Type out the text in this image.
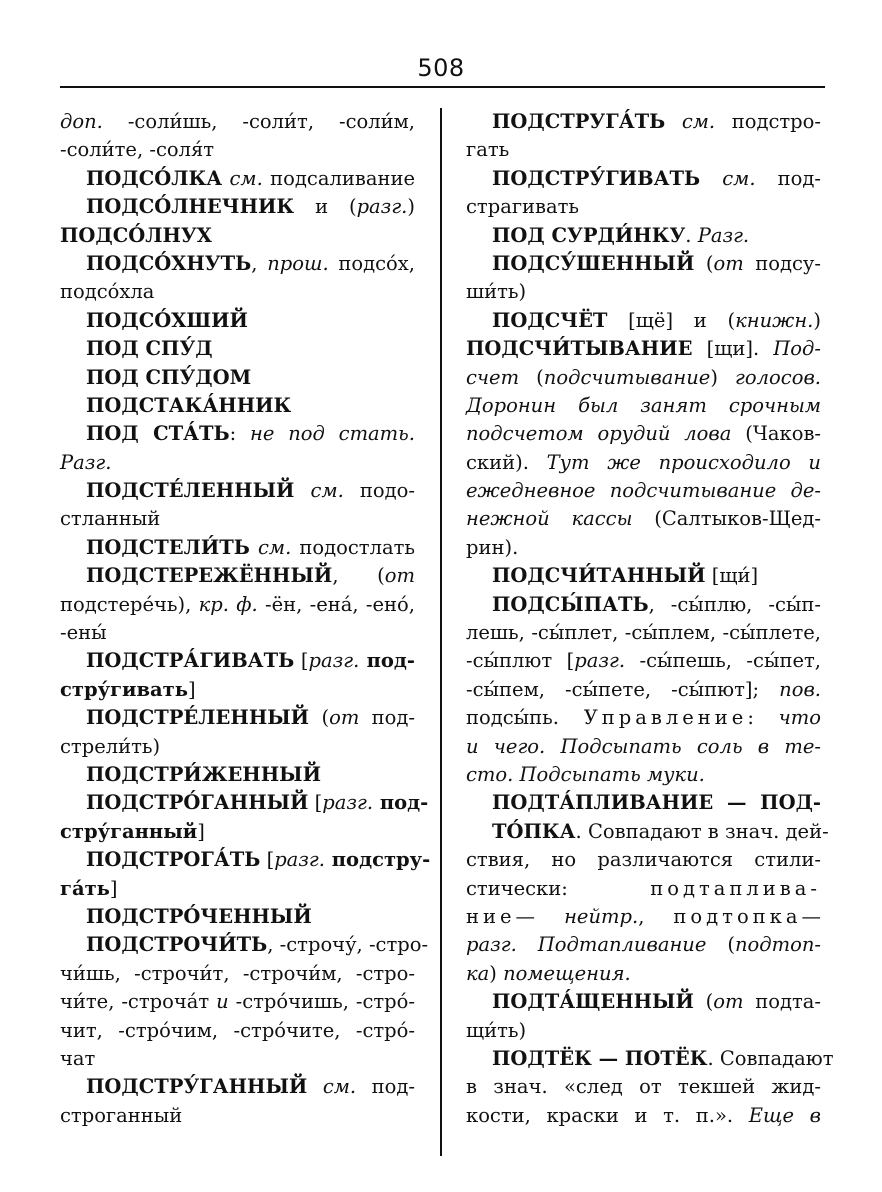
508
доп. -соли́шь, -соли́т, -соли́м,
-соли́те, -соля́т
ПОДСО́ЛКА см. подсаливание
ПОДСО́ЛНЕЧНИК и (разг.)
ПОДСО́ЛНУХ
ПОДСО́ХНУТЬ, прош. подсо́х,
подсо́хла
ПОДСО́ХШИЙ
ПОД СПУ́Д
ПОД СПУ́ДОМ
ПОДСТАКА́ННИК
ПОД СТА́ТЬ: не под стать.
Разг.
ПОДСТЕ́ЛЕННЫЙ см. подо-
стланный
ПОДСТЕЛИ́ТЬ см. подостлать
ПОДСТЕРЕЖЁННЫЙ, (от
подстере́чь), кр. ф. -ён, -ена́, -ено́,
-ены́
ПОДСТРА́ГИВАТЬ [разг. под-
стру́гивать]
ПОДСТРЕ́ЛЕННЫЙ (от под-
стрели́ть)
ПОДСТРИ́ЖЕННЫЙ
ПОДСТРО́ГАННЫЙ [разг. под-
стру́ганный]
ПОДСТРОГА́ТЬ [разг. подстру-
га́ть]
ПОДСТРО́ЧЕННЫЙ
ПОДСТРОЧИ́ТЬ, -строчу́, -стро-
чи́шь, -строчи́т, -строчи́м, -стро-
чи́те, -строча́т и -стро́чишь, -стро́-
чит, -стро́чим, -стро́чите, -стро́-
чат
ПОДСТРУ́ГАННЫЙ см. под-
строганный
ПОДСТРУГА́ТЬ см. подстро-
гать
ПОДСТРУ́ГИВАТЬ см. под-
страгивать
ПОД СУРДИ́НКУ. Разг.
ПОДСУ́ШЕННЫЙ (от подсу-
ши́ть)
ПОДСЧЁТ [щё] и (книжн.)
ПОДСЧИ́ТЫВАНИЕ [щи]. Под-
счет (подсчитывание) голосов.
Доронин был занят срочным
подсчетом орудий лова (Чаков-
ский). Тут же происходило и
ежедневное подсчитывание де-
нежной кассы (Салтыков-Щед-
рин).
ПОДСЧИ́ТАННЫЙ [щи́]
ПОДСЫ́ПАТЬ, -сы́плю, -сы́п-
лешь, -сы́плет, -сы́плем, -сы́плете,
-сы́плют [разг. -сы́пешь, -сы́пет,
-сы́пем, -сы́пете, -сы́пют]; пов.
подсы́пь. Управление: что
и чего. Подсыпать соль в те-
сто. Подсыпать муки.
ПОДТА́ПЛИВАНИЕ — ПОД-
ТО́ПКА. Совпадают в знач. дей-
ствия, но различаются стили-
стически: подтаплива-
ние— нейтр., подтопка—
разг. Подтапливание (подтоп-
ка) помещения.
ПОДТА́ЩЕННЫЙ (от подта-
щи́ть)
ПОДТЁК — ПОТЁК. Совпадают
в знач. «след от текшей жид-
кости, краски и т. п.». Еще в
